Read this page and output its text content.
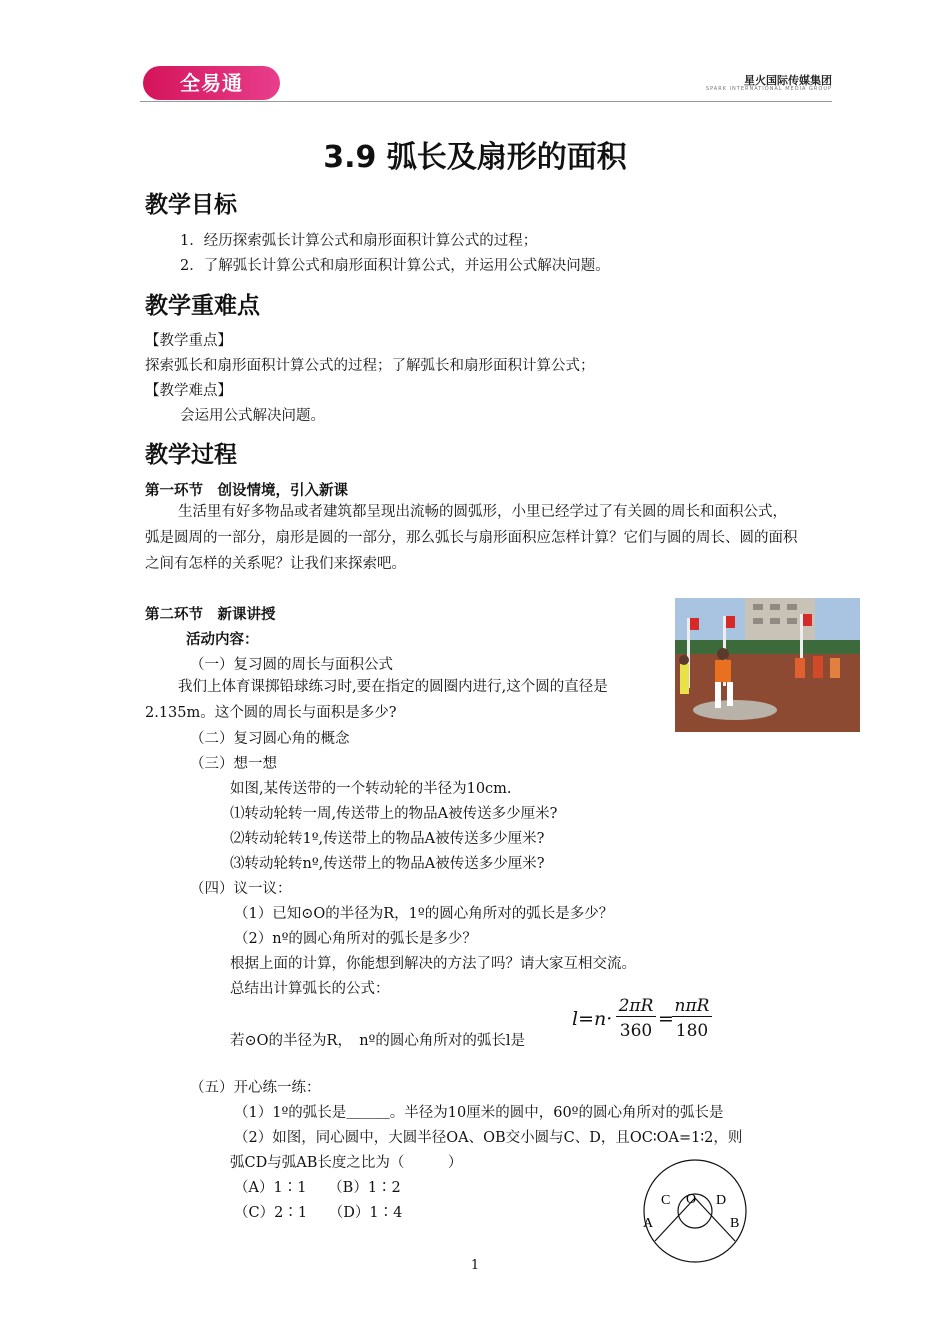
全易通	星火国际传媒集团
SPARK INTERNATIONAL MEDIA GROUP
3.9 弧长及扇形的面积
教学目标
1．经历探索弧长计算公式和扇形面积计算公式的过程；
2．了解弧长计算公式和扇形面积计算公式，并运用公式解决问题。
教学重难点
【教学重点】
探索弧长和扇形面积计算公式的过程；了解弧长和扇形面积计算公式；
【教学难点】
会运用公式解决问题。
教学过程
第一环节　创设情境，引入新课
生活里有好多物品或者建筑都呈现出流畅的圆弧形，小里已经学过了有关圆的周长和面积公式，弧是圆周的一部分，扇形是圆的一部分，那么弧长与扇形面积应怎样计算？它们与圆的周长、圆的面积之间有怎样的关系呢？让我们来探索吧。
第二环节　新课讲授
活动内容：
（一）复习圆的周长与面积公式
我们上体育课掷铅球练习时,要在指定的圆圈内进行,这个圆的直径是2.135m。这个圆的周长与面积是多少?
（二）复习圆心角的概念
（三）想一想
如图,某传送带的一个转动轮的半径为10cm.
⑴转动轮转一周,传送带上的物品A被传送多少厘米?
⑵转动轮转1º,传送带上的物品A被传送多少厘米?
⑶转动轮转nº,传送带上的物品A被传送多少厘米?
（四）议一议：
（1）已知⊙O的半径为R，1º的圆心角所对的弧长是多少？
（2）nº的圆心角所对的弧长是多少？
根据上面的计算，你能想到解决的方法了吗？请大家互相交流。
总结出计算弧长的公式：
若⊙O的半径为R，　nº的圆心角所对的弧长l是
l=n·
2πR
360
=
nπR
180
（五）开心练一练：
（1）1º的弧长是＿＿＿。半径为10厘米的圆中，60º的圆心角所对的弧长是
（2）如图，同心圆中，大圆半径OA、OB交小圆与C、D，且OC∶OA=1∶2，则
弧CD与弧AB长度之比为（　　　）
（A）1∶1　　（B）1∶2
（C）2∶1　　（D）1∶4
C O D
A	B
1
